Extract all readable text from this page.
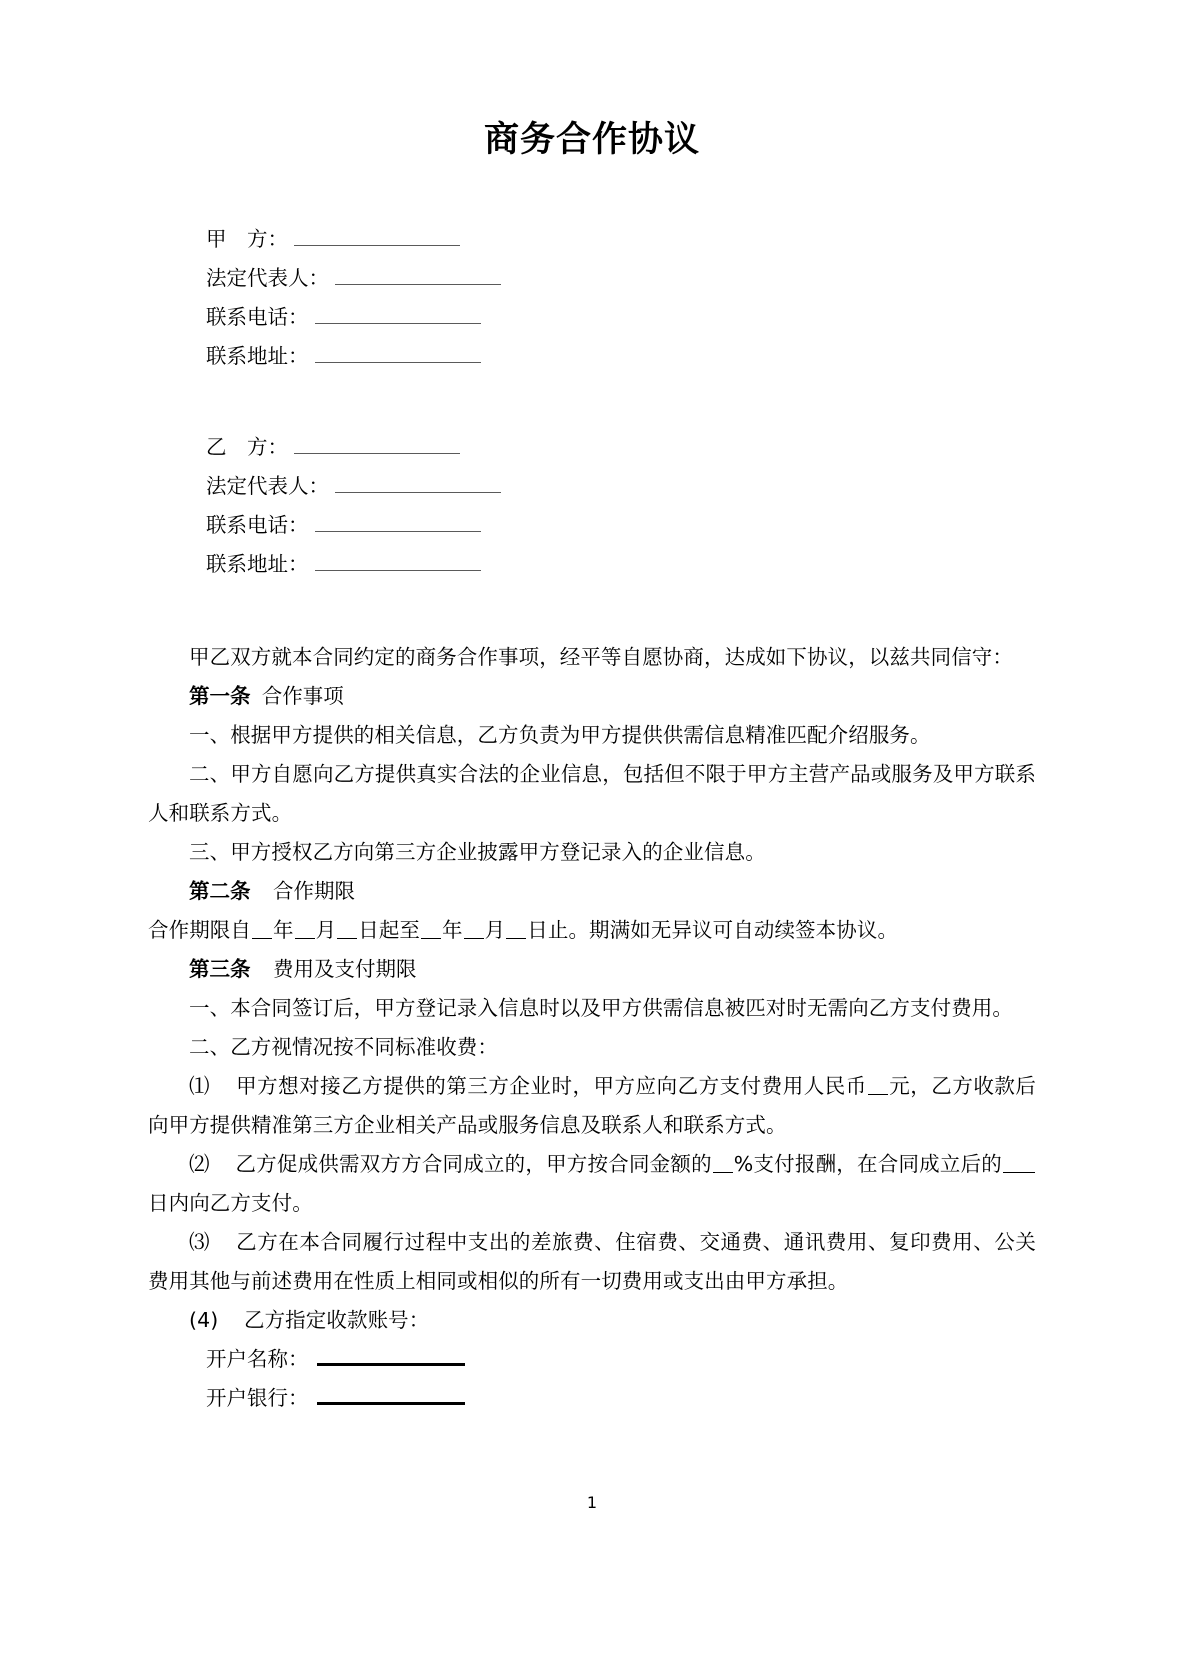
商务合作协议
甲　方：
法定代表人：
联系电话：
联系地址：
乙　方：
法定代表人：
联系电话：
联系地址：

甲乙双方就本合同约定的商务合作事项，经平等自愿协商，达成如下协议，以兹共同信守：

第一条 合作事项

一、根据甲方提供的相关信息，乙方负责为甲方提供供需信息精准匹配介绍服务。

二、甲方自愿向乙方提供真实合法的企业信息，包括但不限于甲方主营产品或服务及甲方联系人和联系方式。

三、甲方授权乙方向第三方企业披露甲方登记录入的企业信息。

第二条 合作期限

合作期限自 年 月 日起至 年 月 日止。期满如无异议可自动续签本协议。

第三条 费用及支付期限

一、本合同签订后，甲方登记录入信息时以及甲方供需信息被匹对时无需向乙方支付费用。

二、乙方视情况按不同标准收费：

⑴ 甲方想对接乙方提供的第三方企业时，甲方应向乙方支付费用人民币 元，乙方收款后向甲方提供精准第三方企业相关产品或服务信息及联系人和联系方式。

⑵ 乙方促成供需双方方合同成立的，甲方按合同金额的 %支付报酬，在合同成立后的日内向乙方支付。

⑶ 乙方在本合同履行过程中支出的差旅费、住宿费、交通费、通讯费用、复印费用、公关费用其他与前述费用在性质上相同或相似的所有一切费用或支出由甲方承担。

(4) 乙方指定收款账号：

开户名称：
开户银行：
1
